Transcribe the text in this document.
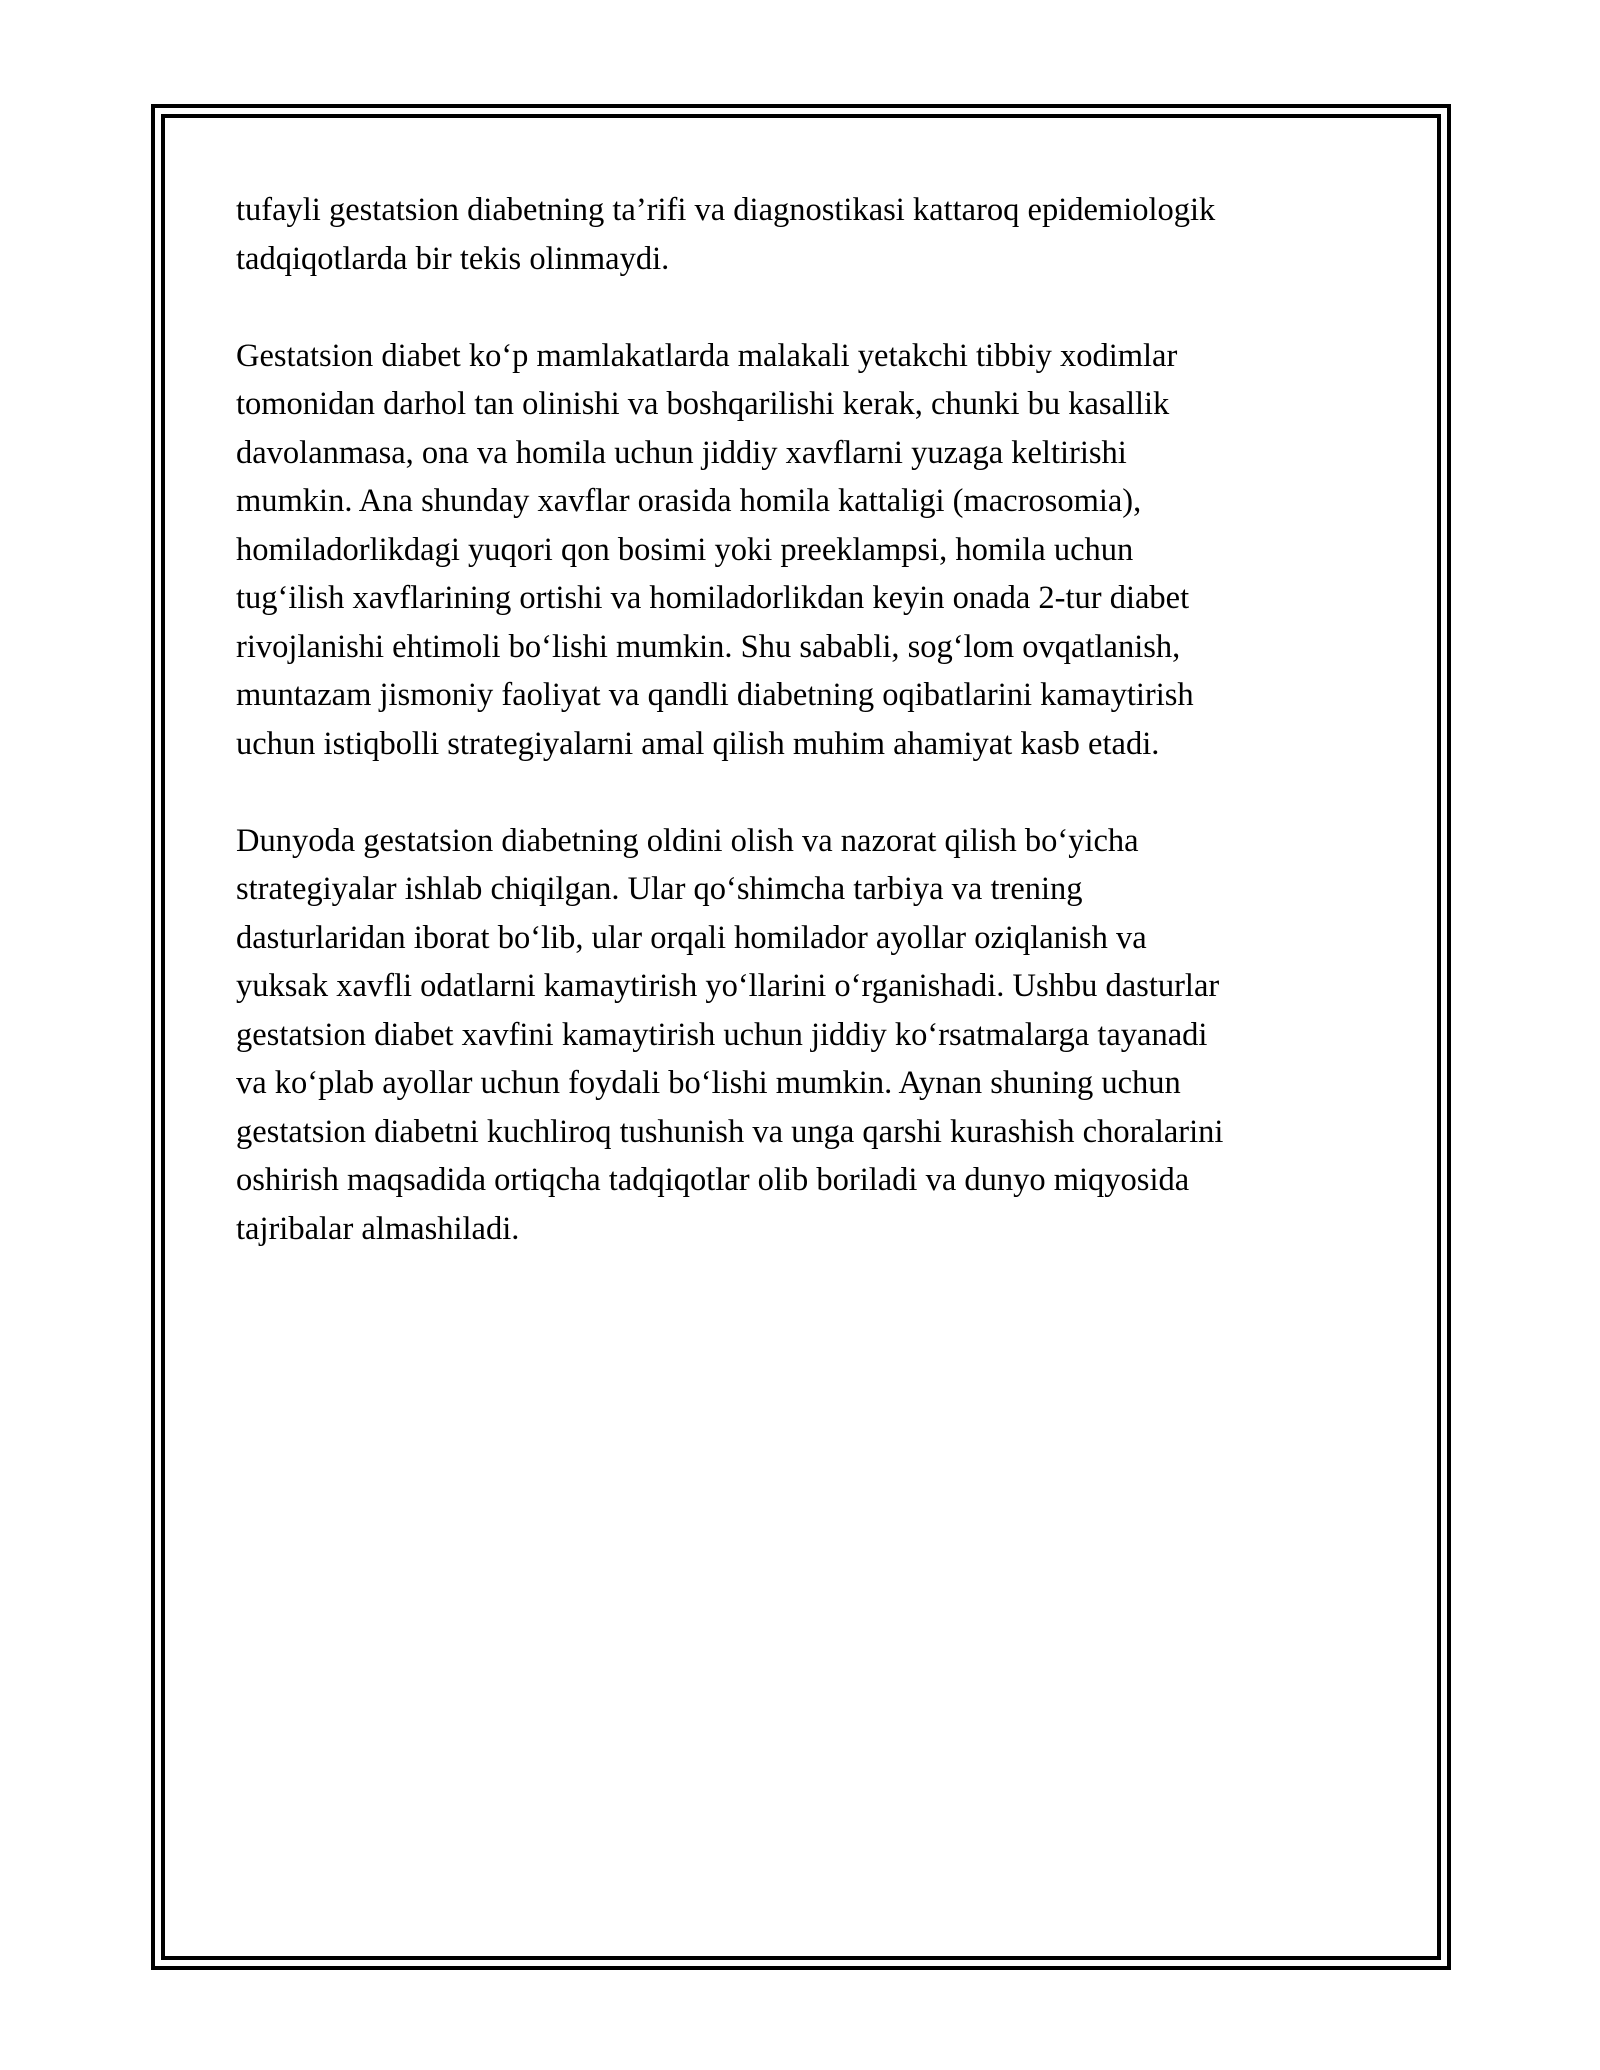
tufayli gestatsion diabetning ta’rifi va diagnostikasi kattaroq epidemiologik
tadqiqotlarda bir tekis olinmaydi.

Gestatsion diabet ko‘p mamlakatlarda malakali yetakchi tibbiy xodimlar
tomonidan darhol tan olinishi va boshqarilishi kerak, chunki bu kasallik
davolanmasa, ona va homila uchun jiddiy xavflarni yuzaga keltirishi
mumkin. Ana shunday xavflar orasida homila kattaligi (macrosomia),
homiladorlikdagi yuqori qon bosimi yoki preeklampsi, homila uchun
tug‘ilish xavflarining ortishi va homiladorlikdan keyin onada 2-tur diabet
rivojlanishi ehtimoli bo‘lishi mumkin. Shu sababli, sog‘lom ovqatlanish,
muntazam jismoniy faoliyat va qandli diabetning oqibatlarini kamaytirish
uchun istiqbolli strategiyalarni amal qilish muhim ahamiyat kasb etadi.

Dunyoda gestatsion diabetning oldini olish va nazorat qilish bo‘yicha
strategiyalar ishlab chiqilgan. Ular qo‘shimcha tarbiya va trening
dasturlaridan iborat bo‘lib, ular orqali homilador ayollar oziqlanish va
yuksak xavfli odatlarni kamaytirish yo‘llarini o‘rganishadi. Ushbu dasturlar
gestatsion diabet xavfini kamaytirish uchun jiddiy ko‘rsatmalarga tayanadi
va ko‘plab ayollar uchun foydali bo‘lishi mumkin. Aynan shuning uchun
gestatsion diabetni kuchliroq tushunish va unga qarshi kurashish choralarini
oshirish maqsadida ortiqcha tadqiqotlar olib boriladi va dunyo miqyosida
tajribalar almashiladi.
